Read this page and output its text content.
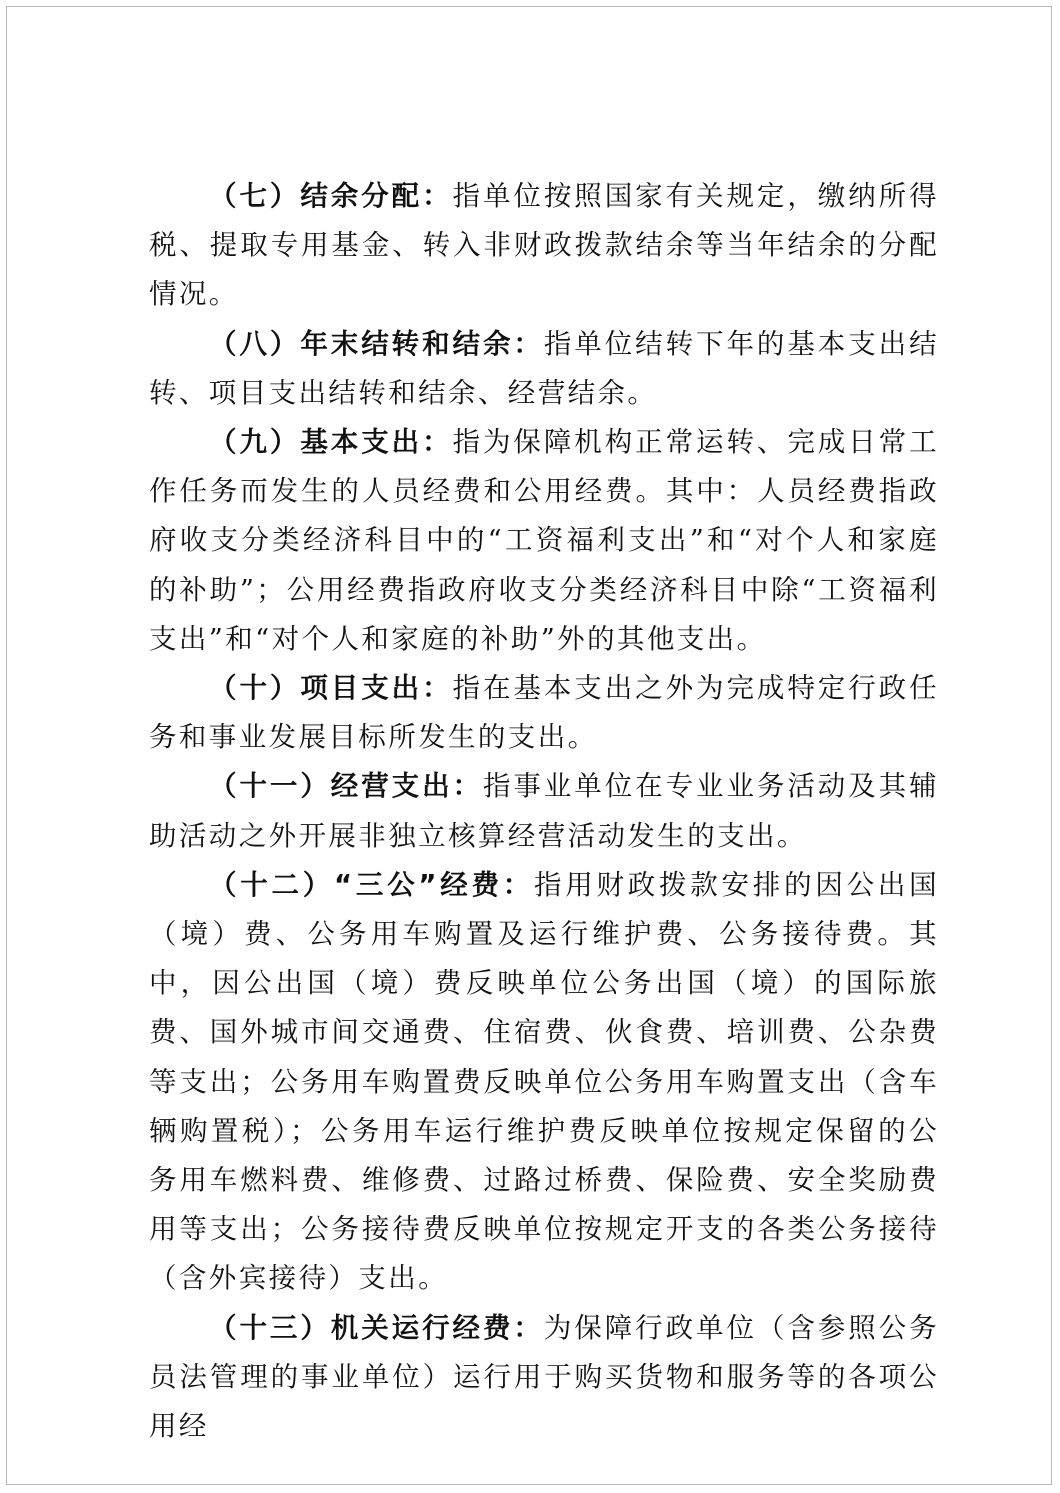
（七）结余分配：指单位按照国家有关规定，缴纳所得税、提取专用基金、转入非财政拨款结余等当年结余的分配情况。

（八）年末结转和结余：指单位结转下年的基本支出结转、项目支出结转和结余、经营结余。

（九）基本支出：指为保障机构正常运转、完成日常工作任务而发生的人员经费和公用经费。其中：人员经费指政府收支分类经济科目中的“工资福利支出”和“对个人和家庭的补助”；公用经费指政府收支分类经济科目中除“工资福利支出”和“对个人和家庭的补助”外的其他支出。

（十）项目支出：指在基本支出之外为完成特定行政任务和事业发展目标所发生的支出。

（十一）经营支出：指事业单位在专业业务活动及其辅助活动之外开展非独立核算经营活动发生的支出。

（十二）“三公”经费：指用财政拨款安排的因公出国（境）费、公务用车购置及运行维护费、公务接待费。其中，因公出国（境）费反映单位公务出国（境）的国际旅费、国外城市间交通费、住宿费、伙食费、培训费、公杂费等支出；公务用车购置费反映单位公务用车购置支出（含车辆购置税）；公务用车运行维护费反映单位按规定保留的公务用车燃料费、维修费、过路过桥费、保险费、安全奖励费用等支出；公务接待费反映单位按规定开支的各类公务接待（含外宾接待）支出。

（十三）机关运行经费：为保障行政单位（含参照公务员法管理的事业单位）运行用于购买货物和服务等的各项公用经
